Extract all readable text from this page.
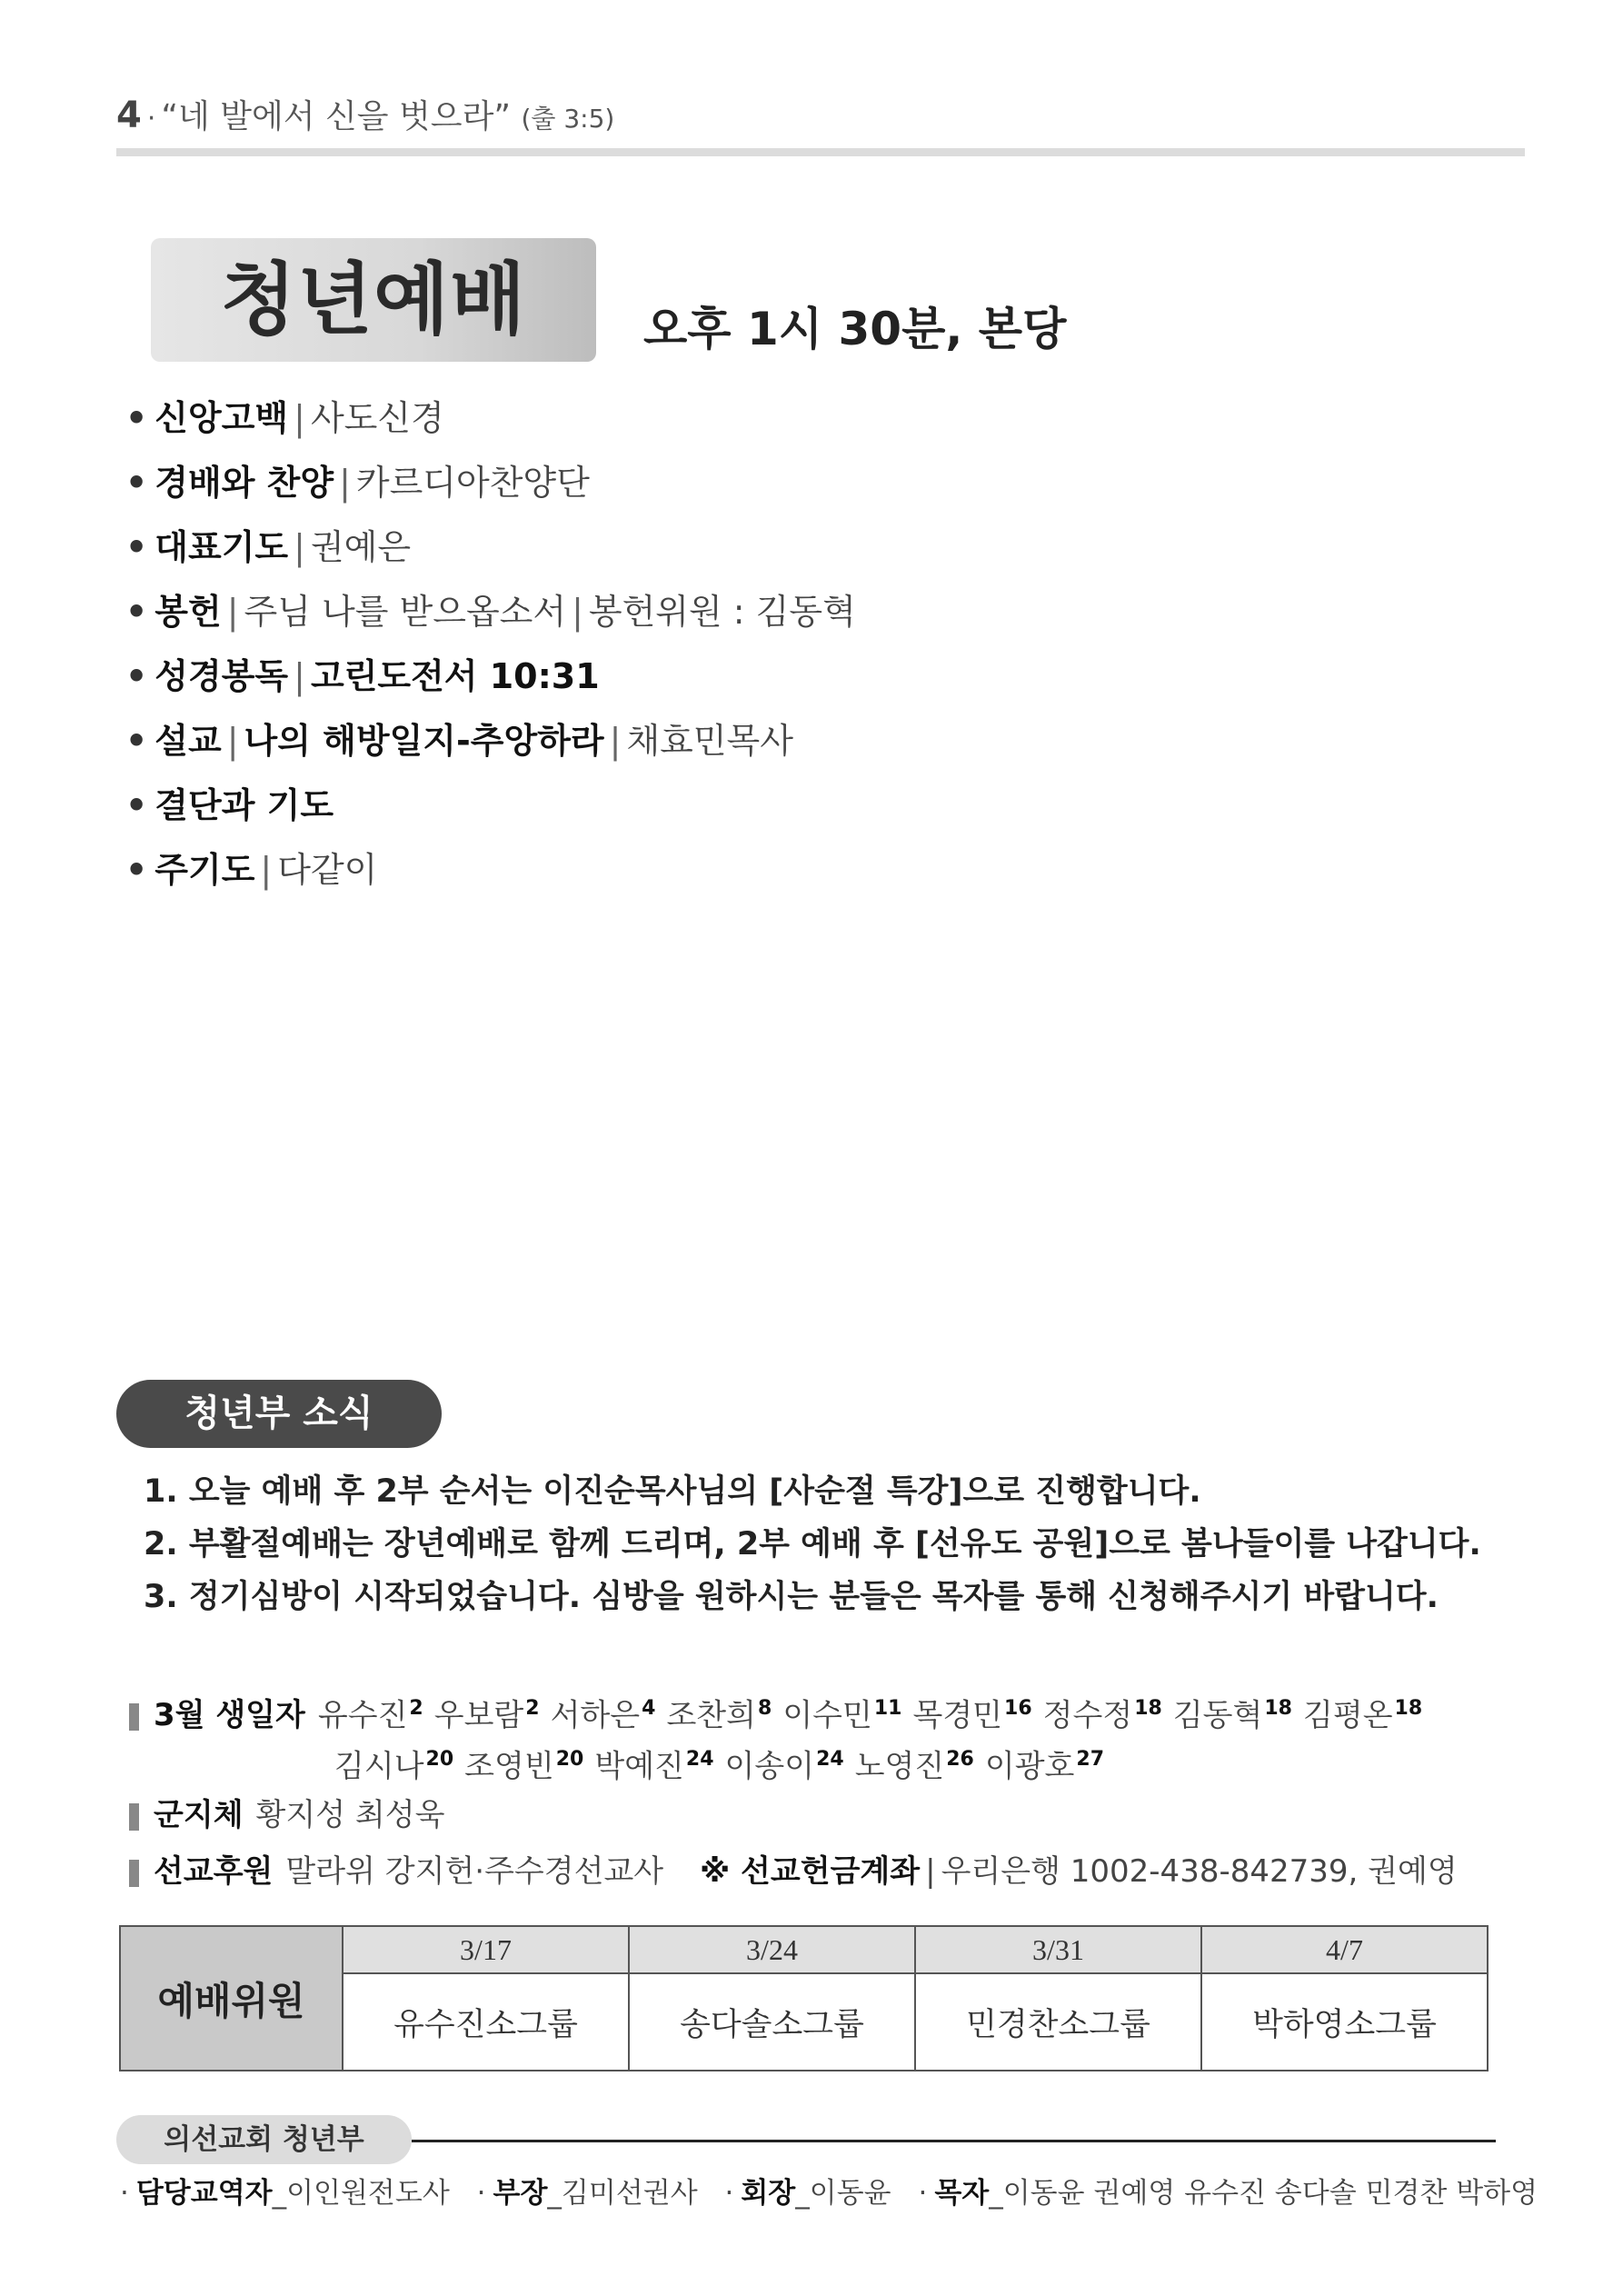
4 · “네 발에서 신을 벗으라” (출 3:5)
청년예배	오후 1시 30분, 본당
• 신앙고백 | 사도신경
• 경배와 찬양 | 카르디아찬양단
• 대표기도 | 권예은
• 봉헌 | 주님 나를 받으옵소서 | 봉헌위원 : 김동혁
• 성경봉독 | 고린도전서 10:31
• 설교 | 나의 해방일지-추앙하라 | 채효민목사
• 결단과 기도
• 주기도 | 다같이
청년부 소식
1. 오늘 예배 후 2부 순서는 이진순목사님의 [사순절 특강]으로 진행합니다.
2. 부활절예배는 장년예배로 함께 드리며, 2부 예배 후 [선유도 공원]으로 봄나들이를 나갑니다.
3. 정기심방이 시작되었습니다. 심방을 원하시는 분들은 목자를 통해 신청해주시기 바랍니다.
3월 생일자 유수진$^2$ 우보람$^2$ 서하은$^4$ 조찬희$^8$ 이수민$^{11}$ 목경민$^{16}$ 정수정$^{18}$ 김동혁$^{18}$ 김평온$^{18}$
김시나$^{20}$ 조영빈$^{20}$ 박예진$^{24}$ 이송이$^{24}$ 노영진$^{26}$ 이광호$^{27}$
군지체 황지성 최성욱
선교후원 말라위 강지헌·주수경선교사 ※ 선교헌금계좌 | 우리은행 1002-438-842739, 권예영
예배위원	3/17	3/24	3/31	4/7
	유수진소그룹	송다솔소그룹	민경찬소그룹	박하영소그룹
의선교회 청년부
· 담당교역자_이인원전도사 · 부장_김미선권사 · 회장_이동윤 · 목자_이동윤 권예영 유수진 송다솔 민경찬 박하영
